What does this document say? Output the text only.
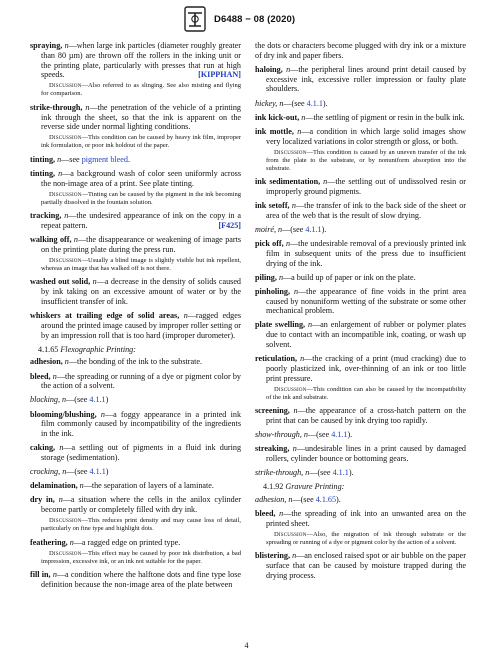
D6488 − 08 (2020)

spraying, n—when large ink particles (diameter roughly greater than 80 µm) are thrown off the rollers in the inking unit or the printing plate, particularly with presses that run at high speeds.	[KIPPHAN]

Discussion—Also referred to as slinging. See also misting and flying for comparison.

strike-through, n—the penetration of the vehicle of a printing ink through the sheet, so that the ink is apparent on the reverse side under normal lighting conditions.

Discussion—This condition can be caused by heavy ink film, improper ink formulation, or poor ink holdout of the paper.

tinting, n—see pigment bleed.

tinting, n—a background wash of color seen uniformly across the non-image area of a print. See plate tinting.

Discussion—Tinting can be caused by the pigment in the ink becoming partially dissolved in the fountain solution.

tracking, n—the undesired appearance of ink on the copy in a repeat pattern.	[F425]

walking off, n—the disappearance or weakening of image parts on the printing plate during the press run.

Discussion—Usually a blind image is slightly visible but ink repellent, whereas an image that has walked off is not there.

washed out solid, n—a decrease in the density of solids caused by ink taking on an excessive amount of water or by the insufficient transfer of ink.

whiskers at trailing edge of solid areas, n—ragged edges around the printed image caused by improper roller setting or by an impression roll that is too hard (improper durometer).

4.1.65 Flexographic Printing:

adhesion, n—the bonding of the ink to the substrate.

bleed, n—the spreading or running of a dye or pigment color by the action of a solvent.

blocking, n—(see 4.1.1)

blooming/blushing, n—a foggy appearance in a printed ink film commonly caused by incompatibility of the ingredients in the ink.

caking, n—a settling out of pigments in a fluid ink during storage (sedimentation).

crocking, n—(see 4.1.1)

delamination, n—the separation of layers of a laminate.

dry in, n—a situation where the cells in the anilox cylinder become partly or completely filled with dry ink.

Discussion—This reduces print density and may cause loss of detail, particularly on fine type and highlight dots.

feathering, n—a ragged edge on printed type.

Discussion—This effect may be caused by poor ink distribution, a bad impression, excessive ink, or an ink not suitable for the paper.

fill in, n—a condition where the halftone dots and fine type lose definition because the non-image area of the plate between

the dots or characters become plugged with dry ink or a mixture of dry ink and paper fibers.

haloing, n—the peripheral lines around print detail caused by excessive ink, excessive roller impression or faulty plate shoulders.

hickey, n—(see 4.1.1).

ink kick-out, n—the settling of pigment or resin in the bulk ink.

ink mottle, n—a condition in which large solid images show very localized variations in color strength or gloss, or both.

Discussion—This condition is caused by an uneven transfer of the ink from the plate to the substrate, or by nonuniform absorption into the substrate.

ink sedimentation, n—the settling out of undissolved resin or improperly ground pigments.

ink setoff, n—the transfer of ink to the back side of the sheet or area of the web that is the result of slow drying.

moiré, n—(see 4.1.1).

pick off, n—the undesirable removal of a previously printed ink film in subsequent units of the press due to insufficient drying of the ink.

piling, n—a build up of paper or ink on the plate.

pinholing, n—the appearance of fine voids in the print area caused by nonuniform wetting of the substrate or some other mechanical problem.

plate swelling, n—an enlargement of rubber or polymer plates due to contact with an incompatible ink, coating, or wash up solvent.

reticulation, n—the cracking of a print (mud cracking) due to poorly plasticized ink, over-thinning of an ink or too little print pressure.

Discussion—This condition can also be caused by the incompatibility of the ink and substrate.

screening, n—the appearance of a cross-hatch pattern on the print that can be caused by ink drying too rapidly.

show-through, n—(see 4.1.1).

streaking, n—undesirable lines in a print caused by damaged rollers, cylinder bounce or bottoming gears.

strike-through, n—(see 4.1.1).

4.1.92 Gravure Printing:

adhesion, n—(see 4.1.65).

bleed, n—the spreading of ink into an unwanted area on the printed sheet.

Discussion—Also, the migration of ink through substrate or the spreading or running of a dye or pigment color by the action of a solvent.

blistering, n—an enclosed raised spot or air bubble on the paper surface that can be caused by moisture trapped during the drying process.

4
